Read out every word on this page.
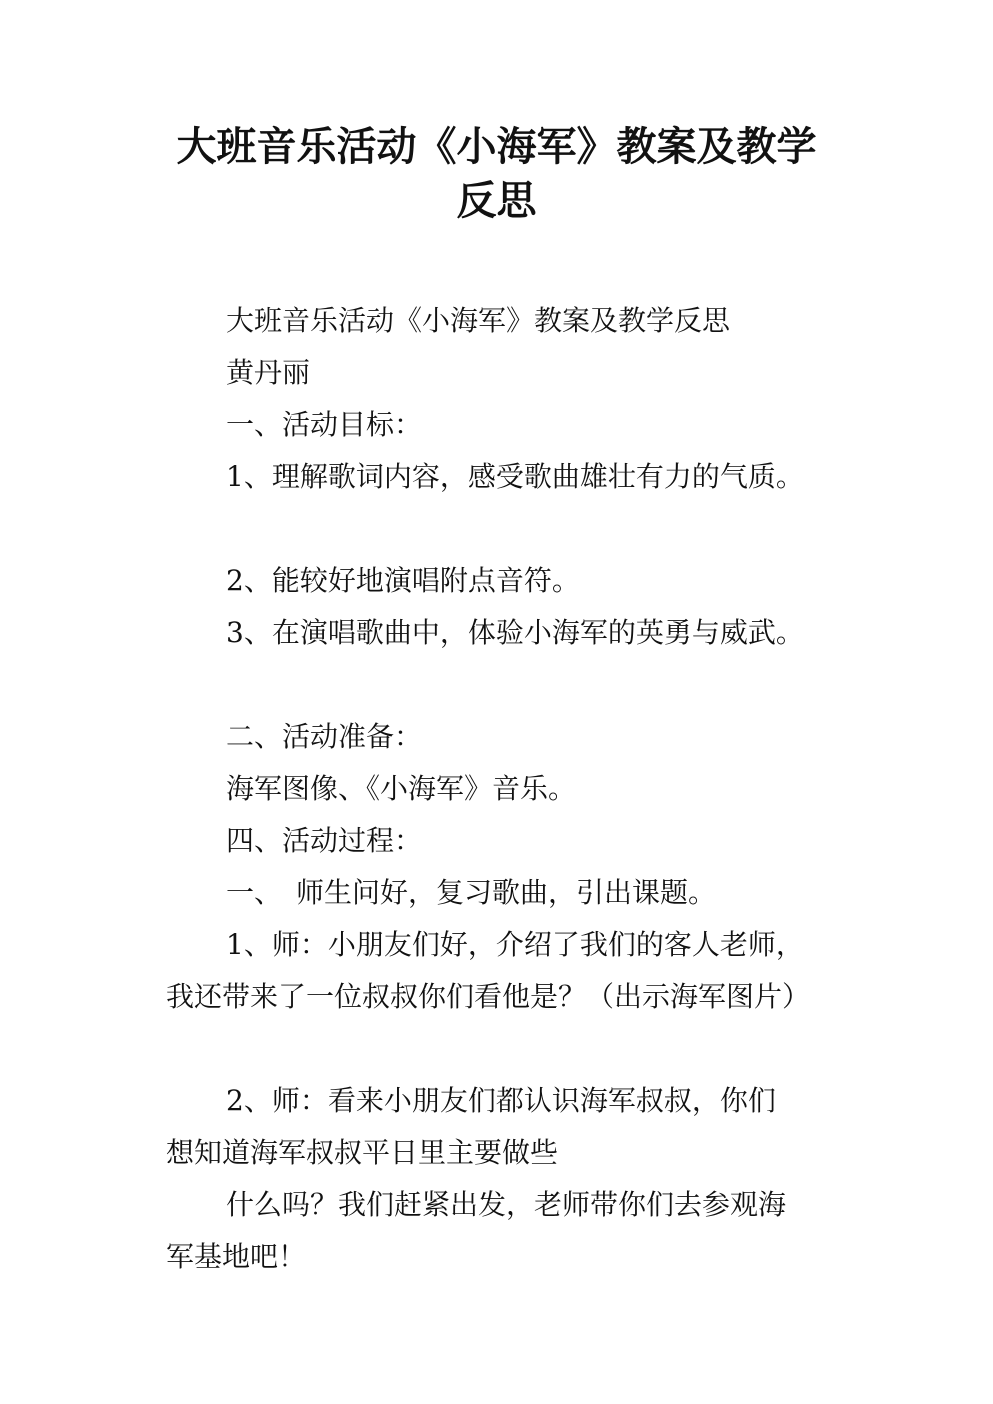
大班音乐活动《小海军》教案及教学
反思
大班音乐活动《小海军》教案及教学反思
黄丹丽
一、活动目标：
1、理解歌词内容，感受歌曲雄壮有力的气质。
2、能较好地演唱附点音符。
3、在演唱歌曲中，体验小海军的英勇与威武。
二、活动准备：
海军图像、《小海军》音乐。
四、活动过程：
一、　师生问好，复习歌曲，引出课题。
1、师：小朋友们好，介绍了我们的客人老师，
我还带来了一位叔叔你们看他是？（出示海军图片）
2、师：看来小朋友们都认识海军叔叔，你们
想知道海军叔叔平日里主要做些
什么吗？我们赶紧出发，老师带你们去参观海
军基地吧！
